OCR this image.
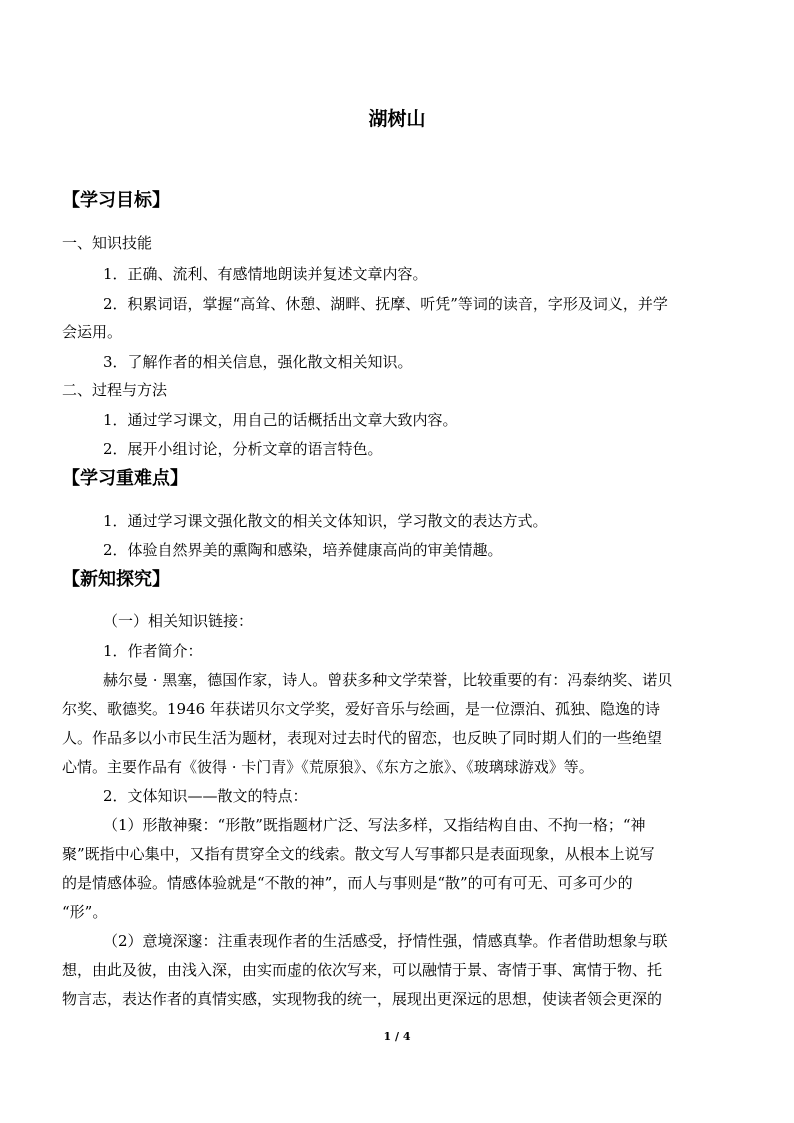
湖树山
【学习目标】
一、知识技能
1．正确、流利、有感情地朗读并复述文章内容。
2．积累词语，掌握“高耸、休憩、湖畔、抚摩、听凭”等词的读音，字形及词义，并学
会运用。
3．了解作者的相关信息，强化散文相关知识。
二、过程与方法
1．通过学习课文，用自己的话概括出文章大致内容。
2．展开小组讨论，分析文章的语言特色。
【学习重难点】
1．通过学习课文强化散文的相关文体知识，学习散文的表达方式。
2．体验自然界美的熏陶和感染，培养健康高尚的审美情趣。
【新知探究】
（一）相关知识链接：
1．作者简介：
赫尔曼 · 黑塞，德国作家，诗人。曾获多种文学荣誉，比较重要的有：冯泰纳奖、诺贝
尔奖、歌德奖。1946 年获诺贝尔文学奖，爱好音乐与绘画，是一位漂泊、孤独、隐逸的诗
人。作品多以小市民生活为题材，表现对过去时代的留恋，也反映了同时期人们的一些绝望
心情。主要作品有《彼得 · 卡门青》《荒原狼》、《东方之旅》、《玻璃球游戏》等。
2．文体知识——散文的特点：
（1）形散神聚：“形散”既指题材广泛、写法多样，又指结构自由、不拘一格；“神
聚”既指中心集中，又指有贯穿全文的线索。散文写人写事都只是表面现象，从根本上说写
的是情感体验。情感体验就是“不散的神”，而人与事则是“散”的可有可无、可多可少的
“形”。
（2）意境深邃：注重表现作者的生活感受，抒情性强，情感真挚。作者借助想象与联
想，由此及彼，由浅入深，由实而虚的依次写来，可以融情于景、寄情于事、寓情于物、托
物言志，表达作者的真情实感，实现物我的统一，展现出更深远的思想，使读者领会更深的
1 / 4
